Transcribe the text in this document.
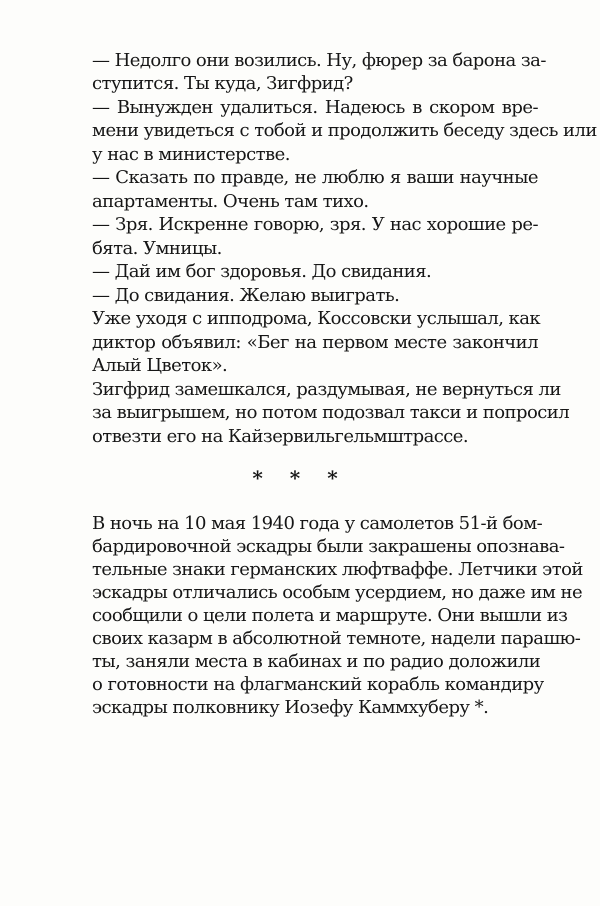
— Недолго они возились. Ну, фюрер за барона за-
ступится. Ты куда, Зигфрид?
— Вынужден удалиться. Надеюсь в скором вре-
мени увидеться с тобой и продолжить беседу здесь или
у нас в министерстве.
— Сказать по правде, не люблю я ваши научные
апартаменты. Очень там тихо.
— Зря. Искренне говорю, зря. У нас хорошие ре-
бята. Умницы.
— Дай им бог здоровья. До свидания.
— До свидания. Желаю выиграть.
Уже уходя с ипподрома, Коссовски услышал, как
диктор объявил: «Бег на первом месте закончил
Алый Цветок».
Зигфрид замешкался, раздумывая, не вернуться ли
за выигрышем, но потом подозвал такси и попросил
отвезти его на Кайзервильгельмштрассе.
* * *
В ночь на 10 мая 1940 года у самолетов 51-й бом-
бардировочной эскадры были закрашены опознава-
тельные знаки германских люфтваффе. Летчики этой
эскадры отличались особым усердием, но даже им не
сообщили о цели полета и маршруте. Они вышли из
своих казарм в абсолютной темноте, надели парашю-
ты, заняли места в кабинах и по радио доложили
о готовности на флагманский корабль командиру
эскадры полковнику Иозефу Каммхуберу *.
